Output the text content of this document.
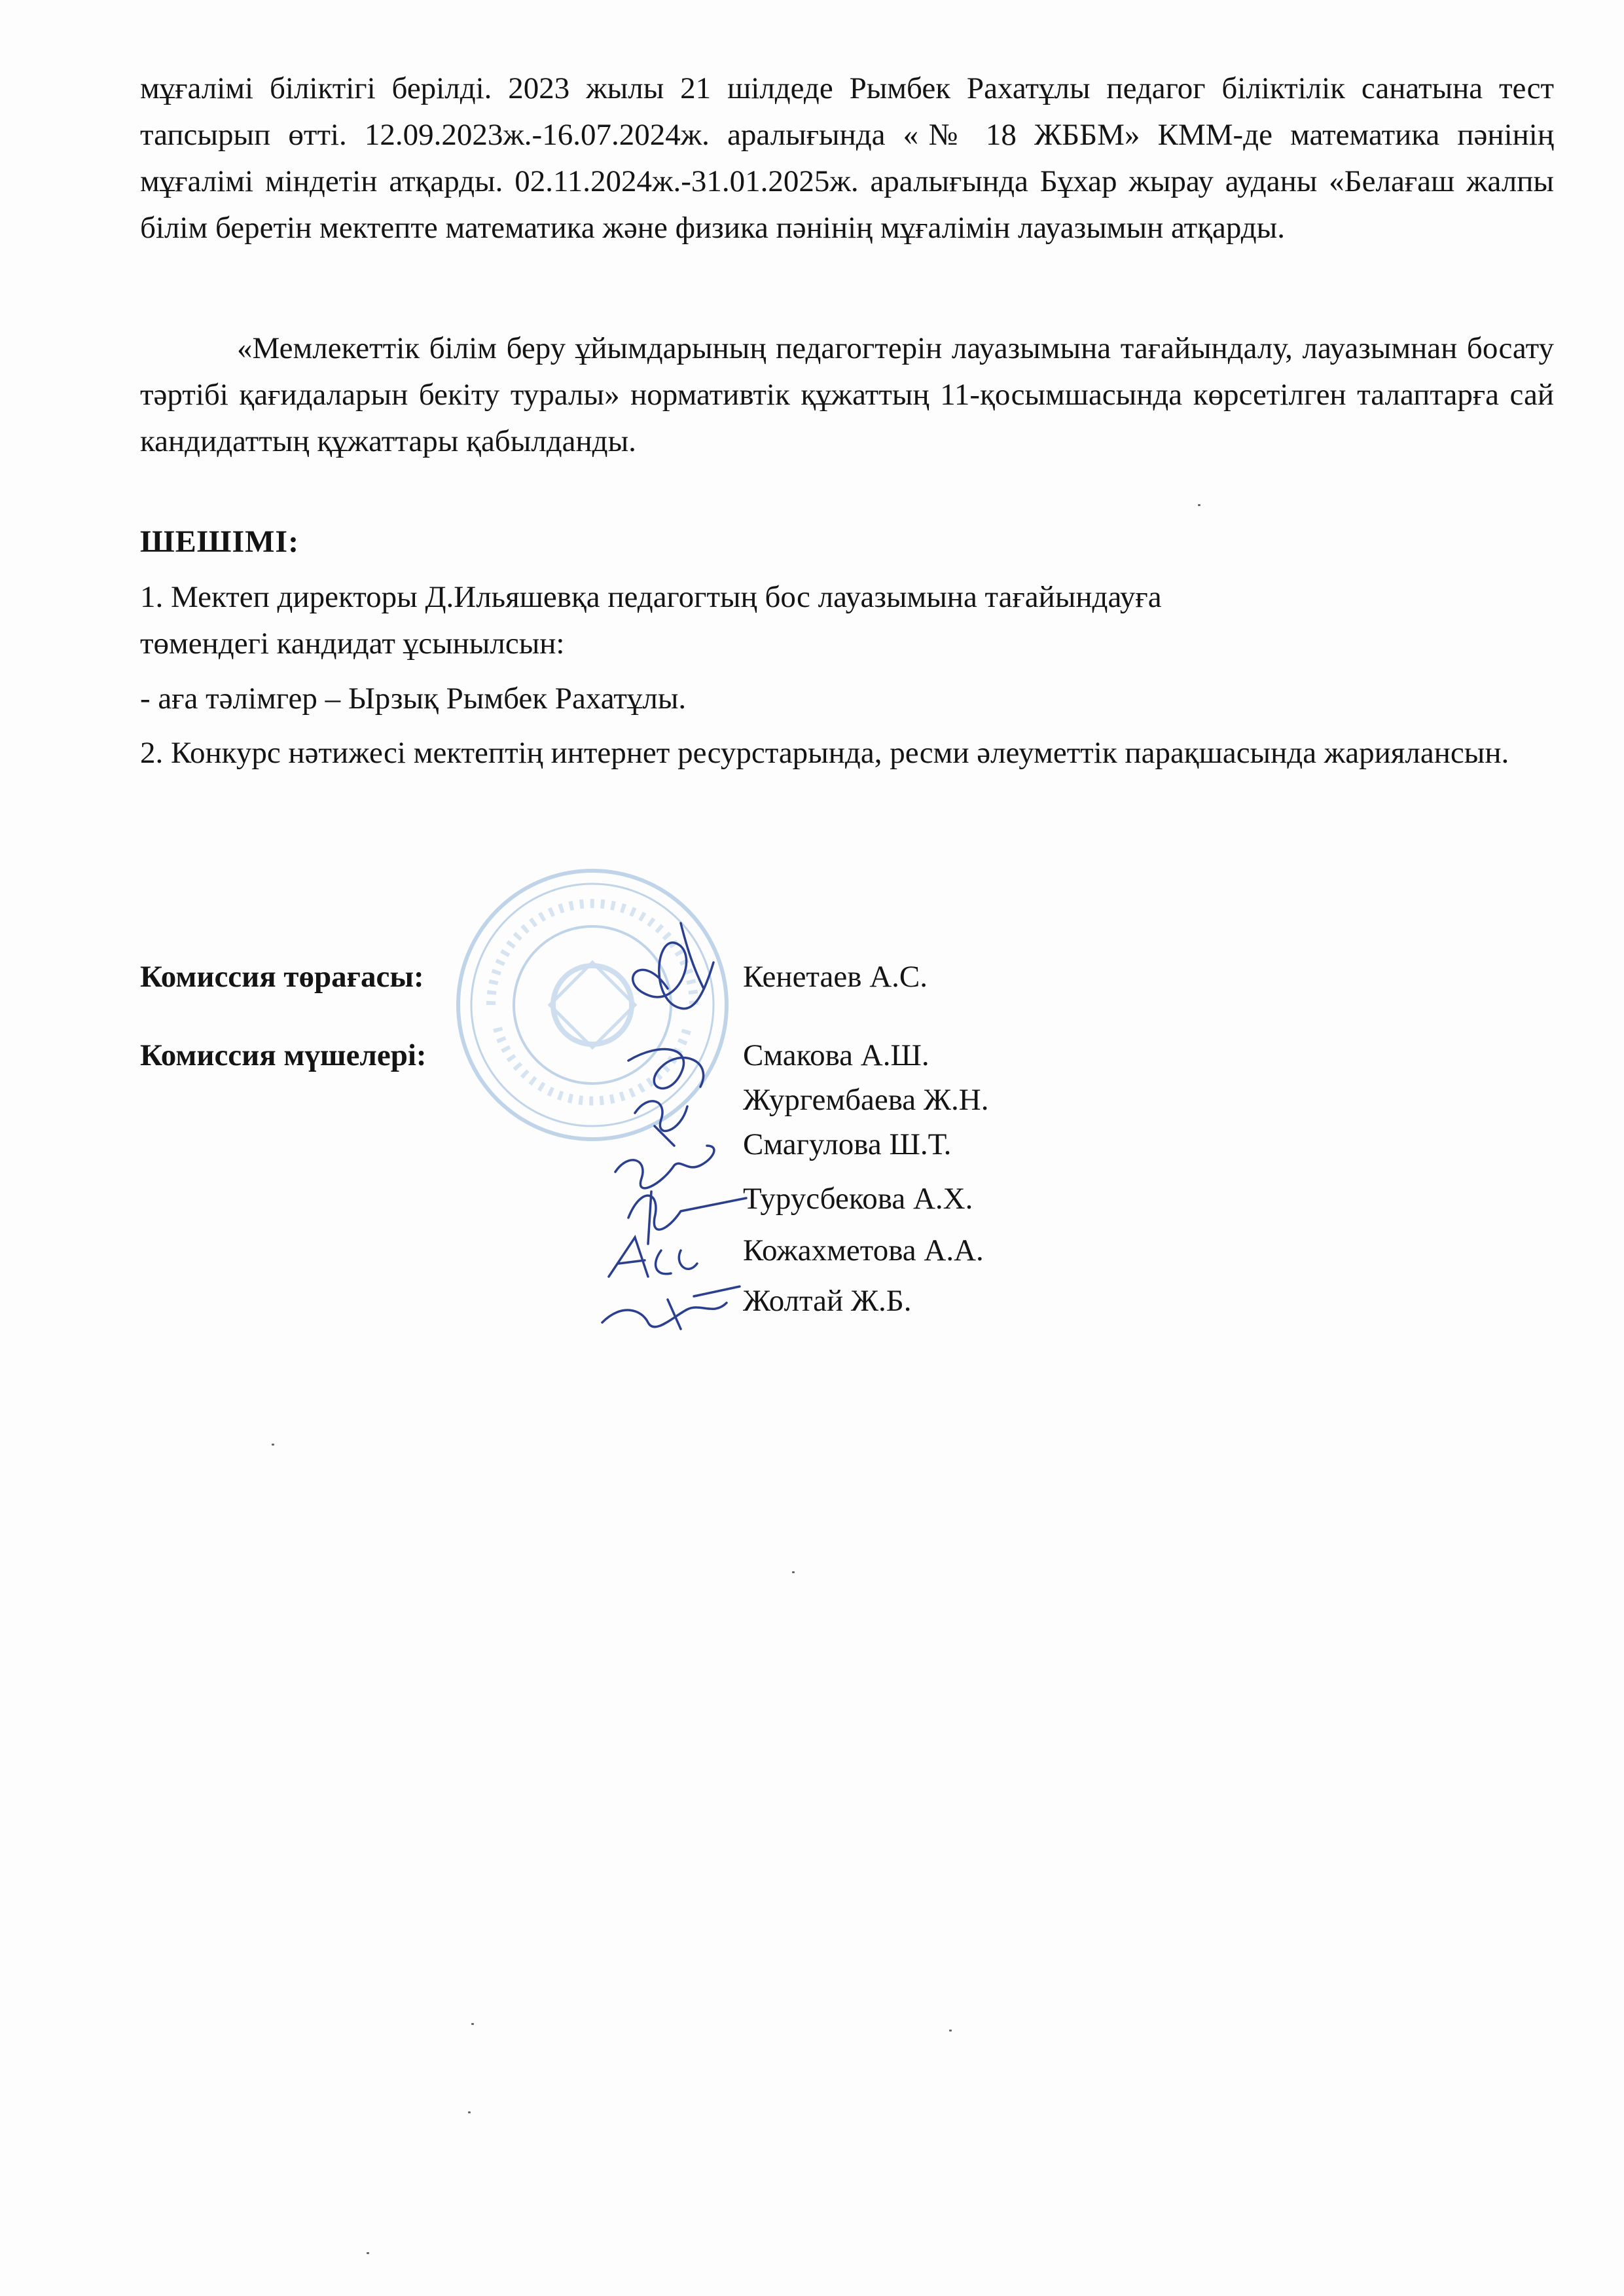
мұғалімі біліктігі берілді. 2023 жылы 21 шілдеде Рымбек Рахатұлы педагог біліктілік санатына тест тапсырып өтті. 12.09.2023ж.-16.07.2024ж. аралығында «№ 18 ЖББМ» КММ-де математика пәнінің мұғалімі міндетін атқарды. 02.11.2024ж.-31.01.2025ж. аралығында Бұхар жырау ауданы «Белағаш жалпы білім беретін мектепте математика және физика пәнінің мұғалімін лауазымын атқарды.

«Мемлекеттік білім беру ұйымдарының педагогтерін лауазымына тағайындалу, лауазымнан босату тәртібі қағидаларын бекіту туралы» нормативтік құжаттың 11-қосымшасында көрсетілген талаптарға сай кандидаттың құжаттары қабылданды.

ШЕШІМІ:

1. Мектеп директоры Д.Ильяшевқа педагогтың бос лауазымына тағайындауға

төмендегі кандидат ұсынылсын:

- аға тәлімгер – Ырзық Рымбек Рахатұлы.

2. Конкурс нәтижесі мектептің интернет ресурстарында, ресми әлеуметтік парақшасында жариялансын.

Комиссия төрағасы:

Комиссия мүшелері:

Кенетаев А.С.
Смакова А.Ш.
Жургембаева Ж.Н.
Смагулова Ш.Т.
Турусбекова А.Х.
Кожахметова А.А.
Жолтай Ж.Б.
